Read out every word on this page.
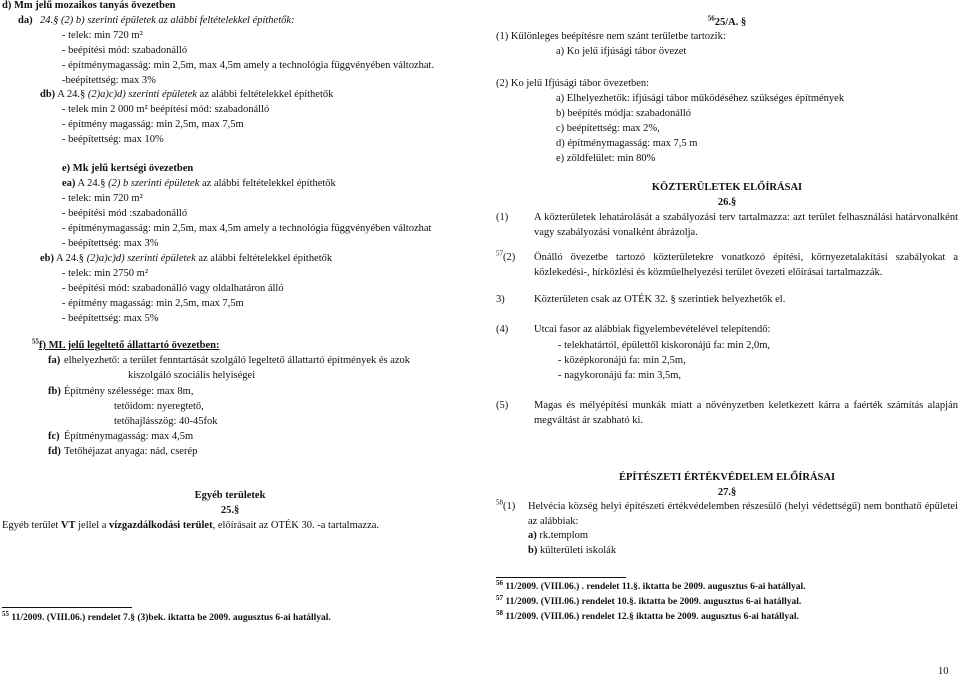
d) Mm jelű mozaikos tanyás övezetben
da) 24.§ (2) b) szerinti épületek az alábbi feltételekkel építhetők:
- telek: min 720 m²
- beépítési mód: szabadonálló
- építménymagasság: min 2,5m, max 4,5m amely a technológia függvényében változhat.
-beépítettség: max 3%
db) A 24.§ (2)a)c)d) szerinti épületek az alábbi feltételekkel építhetők
- telek min 2 000 m² beépítési mód: szabadonálló
- építmény magasság: min 2,5m, max 7,5m
- beépítettség: max 10%
e) Mk jelű kertségi övezetben
ea) A 24.§ (2) b szerinti épületek az alábbi feltételekkel építhetők
- telek: min 720 m²
- beépítési mód :szabadonálló
- építménymagasság: min 2,5m, max 4,5m amely a technológia függvényében változhat
- beépítettség: max 3%
eb) A 24.§ (2)a)c)d) szerinti épületek az alábbi feltételekkel építhetők
- telek: min 2750 m²
- beépítési mód: szabadonálló vagy oldalhatáron álló
- építmény magasság: min 2,5m, max 7,5m
- beépítettség: max 5%
$^{55}$f) ML jelű legeltető állattartó övezetben:
fa) elhelyezhető: a terület fenntartását szolgáló legeltető állattartó építmények és azok
kiszolgáló szociális helyiségei
fb) Építmény szélessége: max 8m,
tetőidom: nyeregtető,
tetőhajlásszög: 40-45fok
fc) Építménymagasság: max 4,5m
fd) Tetőhéjazat anyaga: nád, cserép
Egyéb területek
25.§
Egyéb terület VT jellel a vízgazdálkodási terület, előírásait az OTÉK 30. -a tartalmazza.
$^{55}$ 11/2009. (VIII.06.) rendelet 7.§ (3)bek. iktatta be 2009. augusztus 6-ai hatállyal.
$^{56}$25/A. §
(1) Különleges beépítésre nem szánt területbe tartozik:
a) Ko jelű ifjúsági tábor övezet
(2) Ko jelű Ifjúsági tábor övezetben:
a) Elhelyezhetők: ifjúsági tábor működéséhez szükséges építmények
b) beépítés módja: szabadonálló
c) beépítettség: max 2%,
d) építménymagasság: max 7,5 m
e) zöldfelület: min 80%
KÖZTERÜLETEK ELŐÍRÁSAI
26.§
(1) A közterületek lehatárolását a szabályozási terv tartalmazza: azt terület felhasználási határvonalként vagy szabályozási vonalként ábrázolja.
$^{57}$(2) Önálló övezetbe tartozó közterületekre vonatkozó építési, környezetalakítási szabályokat a közlekedési-, hírközlési és közműelhelyezési terület övezeti előírásai tartalmazzák.
3)	Közterületen csak az OTÉK 32. § szerintiek helyezhetők el.
(4) Utcai fasor az alábbiak figyelembevételével telepítendő:
- telekhatártól, épülettől kiskoronájú fa: min 2,0m,
- középkoronájú fa: min 2,5m,
- nagykoronájú fa: min 3,5m,
(5) Magas és mélyépítési munkák miatt a növényzetben keletkezett kárra a faérték számítás alapján megváltást ár szabható ki.
ÉPÍTÉSZETI ÉRTÉKVÉDELEM ELŐÍRÁSAI
27.§
$^{58}$(1) Helvécia község helyi építészeti értékvédelemben részesülő (helyi védettségű) nem bonthatő épületei az alábbiak:
a) rk.templom
b) külterületi iskolák
$^{56}$ 11/2009. (VIII.06.) . rendelet 11.§. iktatta be 2009. augusztus 6-ai hatállyal.
$^{57}$ 11/2009. (VIII.06.) rendelet 10.§. iktatta be 2009. augusztus 6-ai hatállyal.
$^{58}$ 11/2009. (VIII.06.) rendelet 12.§ iktatta be 2009. augusztus 6-ai hatállyal.
10
